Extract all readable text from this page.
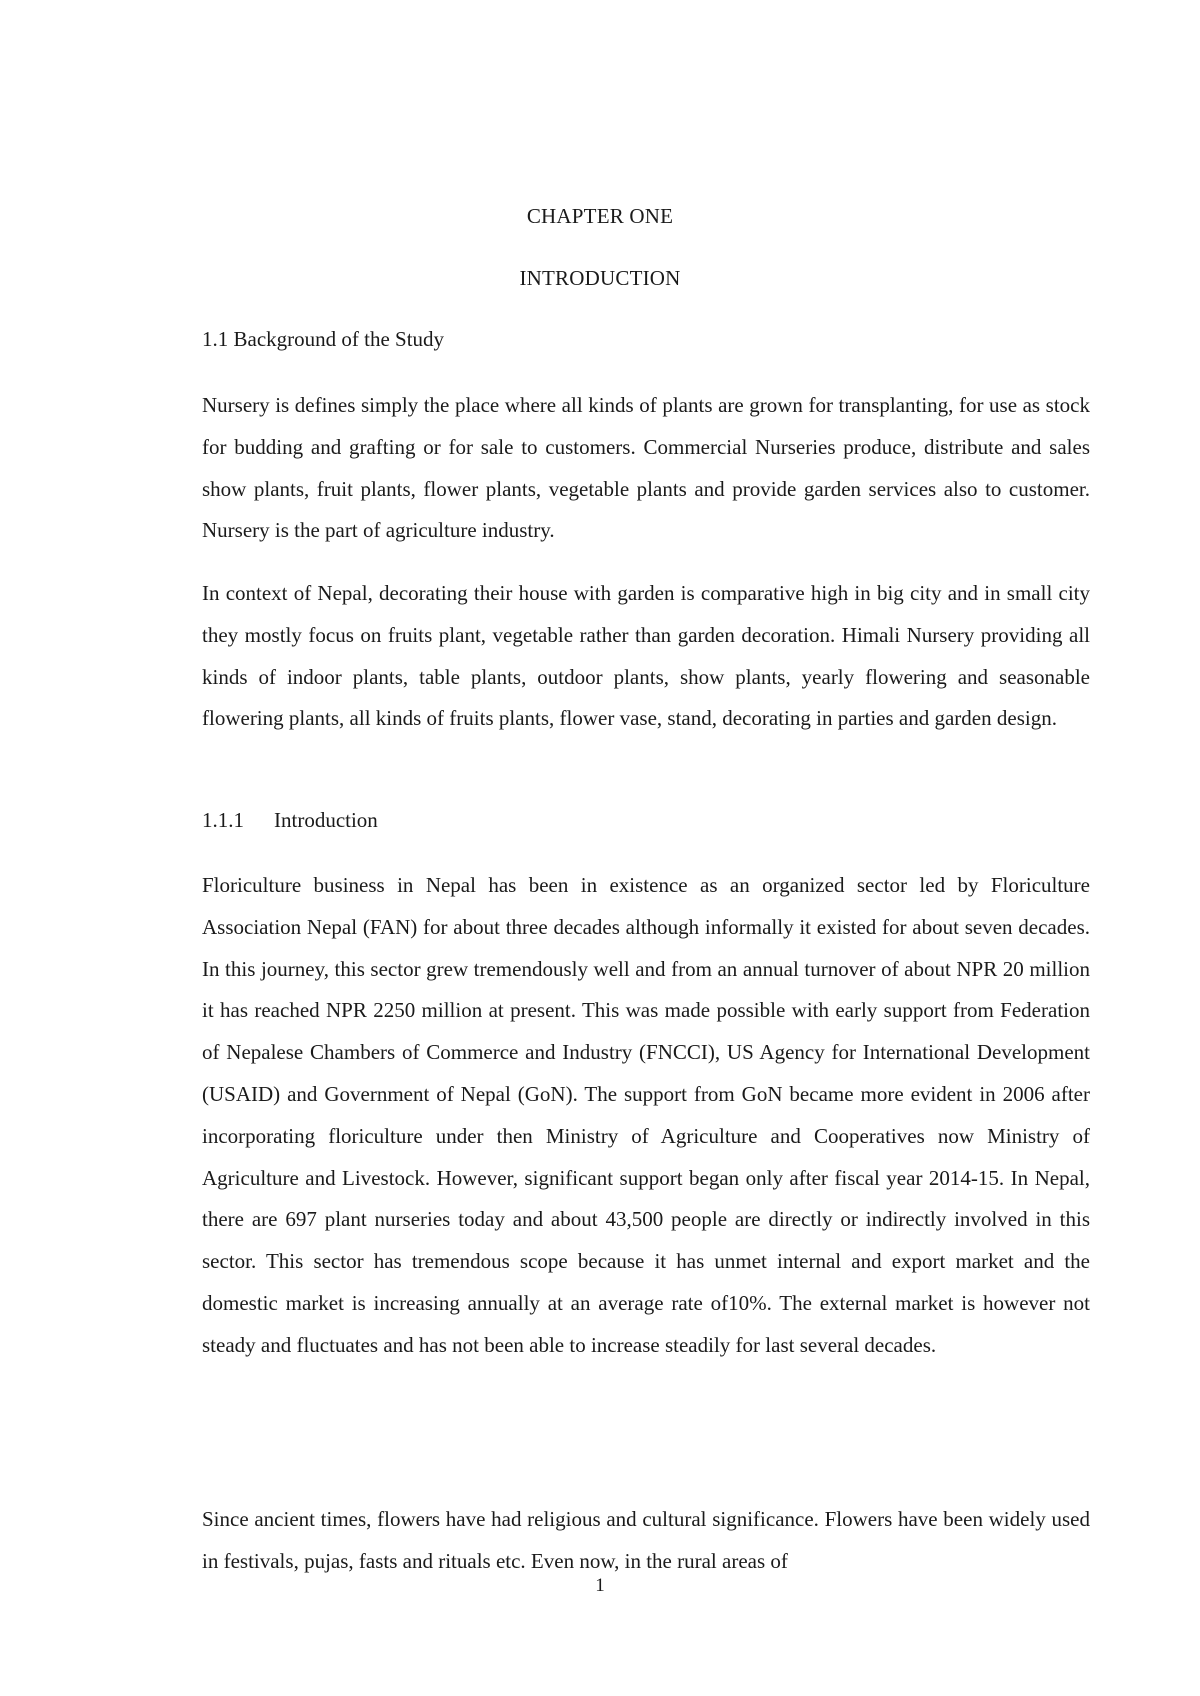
CHAPTER ONE
INTRODUCTION
1.1 Background of the Study

Nursery is defines simply the place where all kinds of plants are grown for transplanting, for use as stock for budding and grafting or for sale to customers. Commercial Nurseries produce, distribute and sales show plants, fruit plants, flower plants, vegetable plants and provide garden services also to customer. Nursery is the part of agriculture industry.

In context of Nepal, decorating their house with garden is comparative high in big city and in small city they mostly focus on fruits plant, vegetable rather than garden decoration. Himali Nursery providing all kinds of indoor plants, table plants, outdoor plants, show plants, yearly flowering and seasonable flowering plants, all kinds of fruits plants, flower vase, stand, decorating in parties and garden design.

1.1.1 Introduction

Floriculture business in Nepal has been in existence as an organized sector led by Floriculture Association Nepal (FAN) for about three decades although informally it existed for about seven decades. In this journey, this sector grew tremendously well and from an annual turnover of about NPR 20 million it has reached NPR 2250 million at present. This was made possible with early support from Federation of Nepalese Chambers of Commerce and Industry (FNCCI), US Agency for International Development (USAID) and Government of Nepal (GoN). The support from GoN became more evident in 2006 after incorporating floriculture under then Ministry of Agriculture and Cooperatives now Ministry of Agriculture and Livestock. However, significant support began only after fiscal year 2014-15. In Nepal, there are 697 plant nurseries today and about 43,500 people are directly or indirectly involved in this sector. This sector has tremendous scope because it has unmet internal and export market and the domestic market is increasing annually at an average rate of10%. The external market is however not steady and fluctuates and has not been able to increase steadily for last several decades.

Since ancient times, flowers have had religious and cultural significance. Flowers have been widely used in festivals, pujas, fasts and rituals etc. Even now, in the rural areas of

1
